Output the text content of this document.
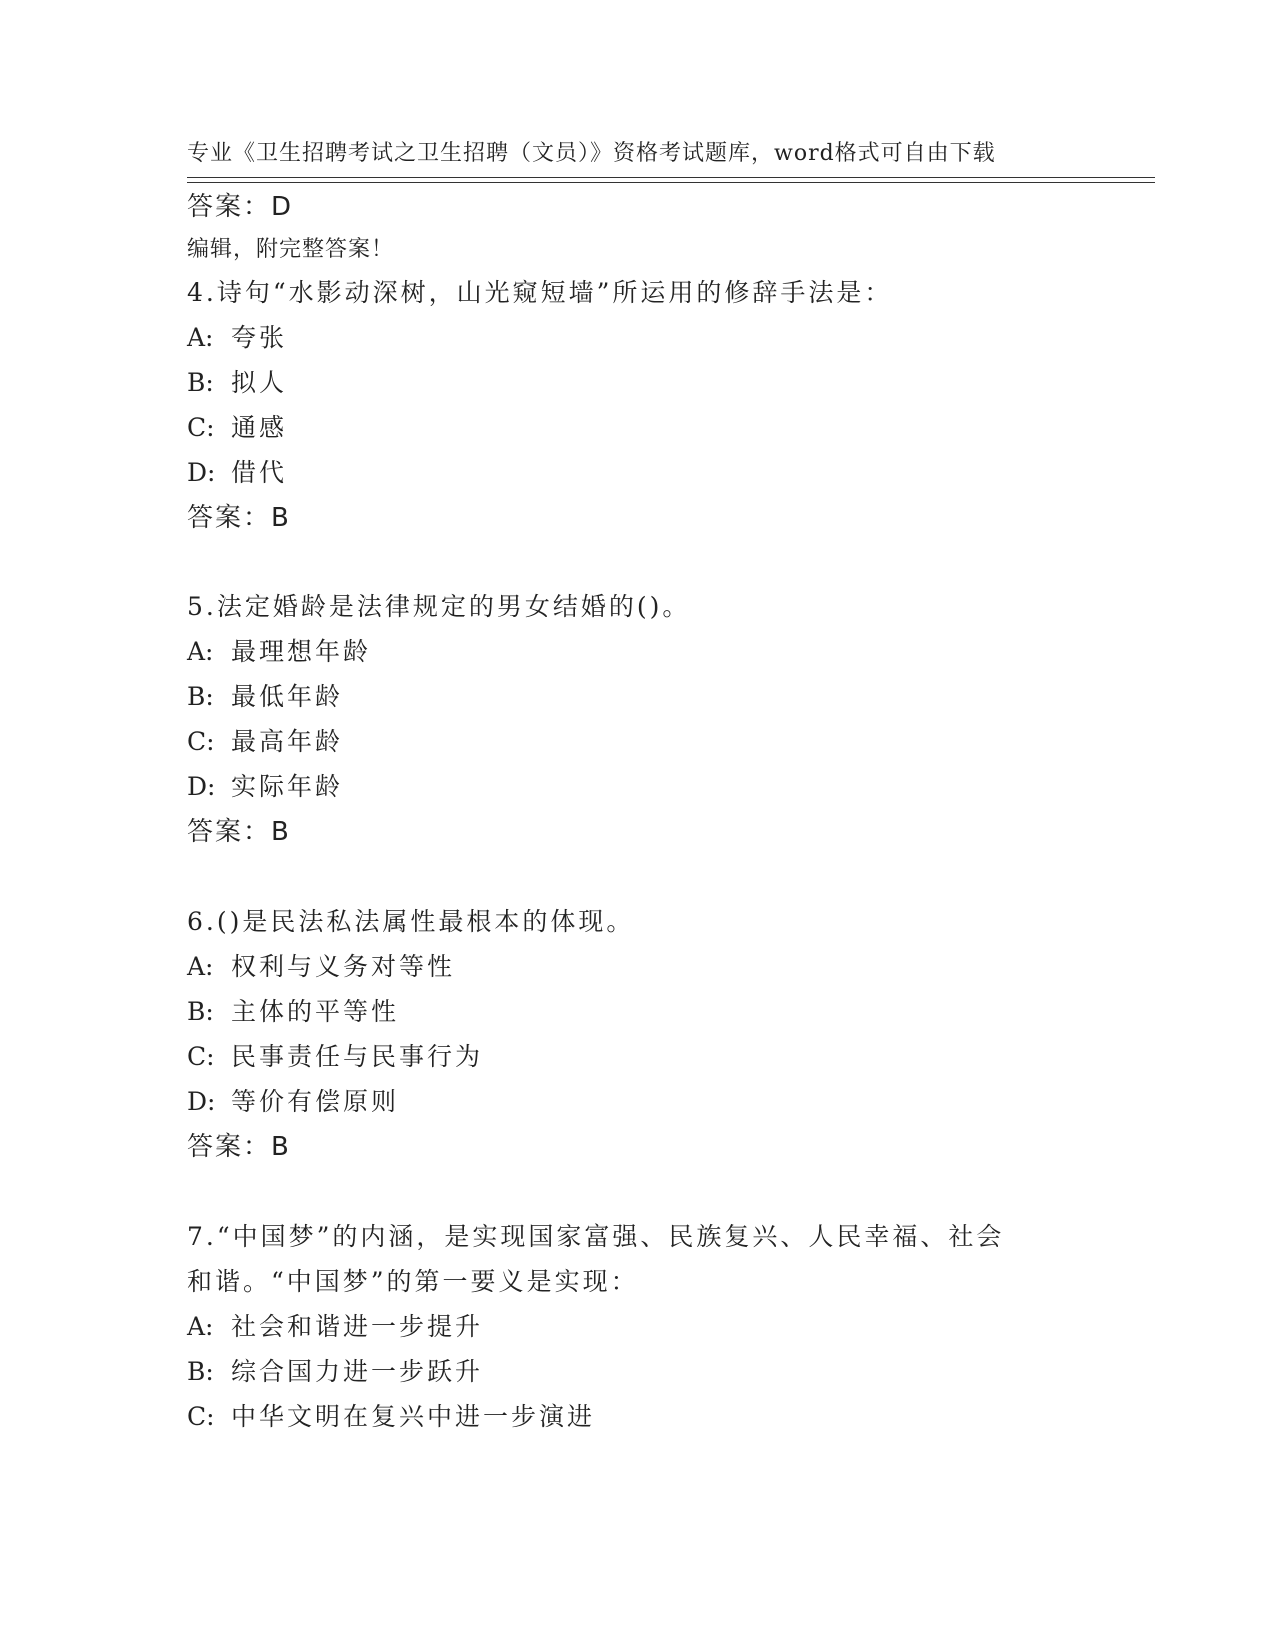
专业《卫生招聘考试之卫生招聘（文员）》资格考试题库，word格式可自由下载

编辑，附完整答案！

答案：D
4.诗句“水影动深树，山光窥短墙”所运用的修辞手法是：
A: 夸张
B: 拟人
C: 通感
D: 借代
答案：B
5.法定婚龄是法律规定的男女结婚的()。
A: 最理想年龄
B: 最低年龄
C: 最高年龄
D: 实际年龄
答案：B
6.()是民法私法属性最根本的体现。
A: 权利与义务对等性
B: 主体的平等性
C: 民事责任与民事行为
D: 等价有偿原则
答案：B
7.“中国梦”的内涵，是实现国家富强、民族复兴、人民幸福、社会
和谐。“中国梦”的第一要义是实现：
A: 社会和谐进一步提升
B: 综合国力进一步跃升
C: 中华文明在复兴中进一步演进
